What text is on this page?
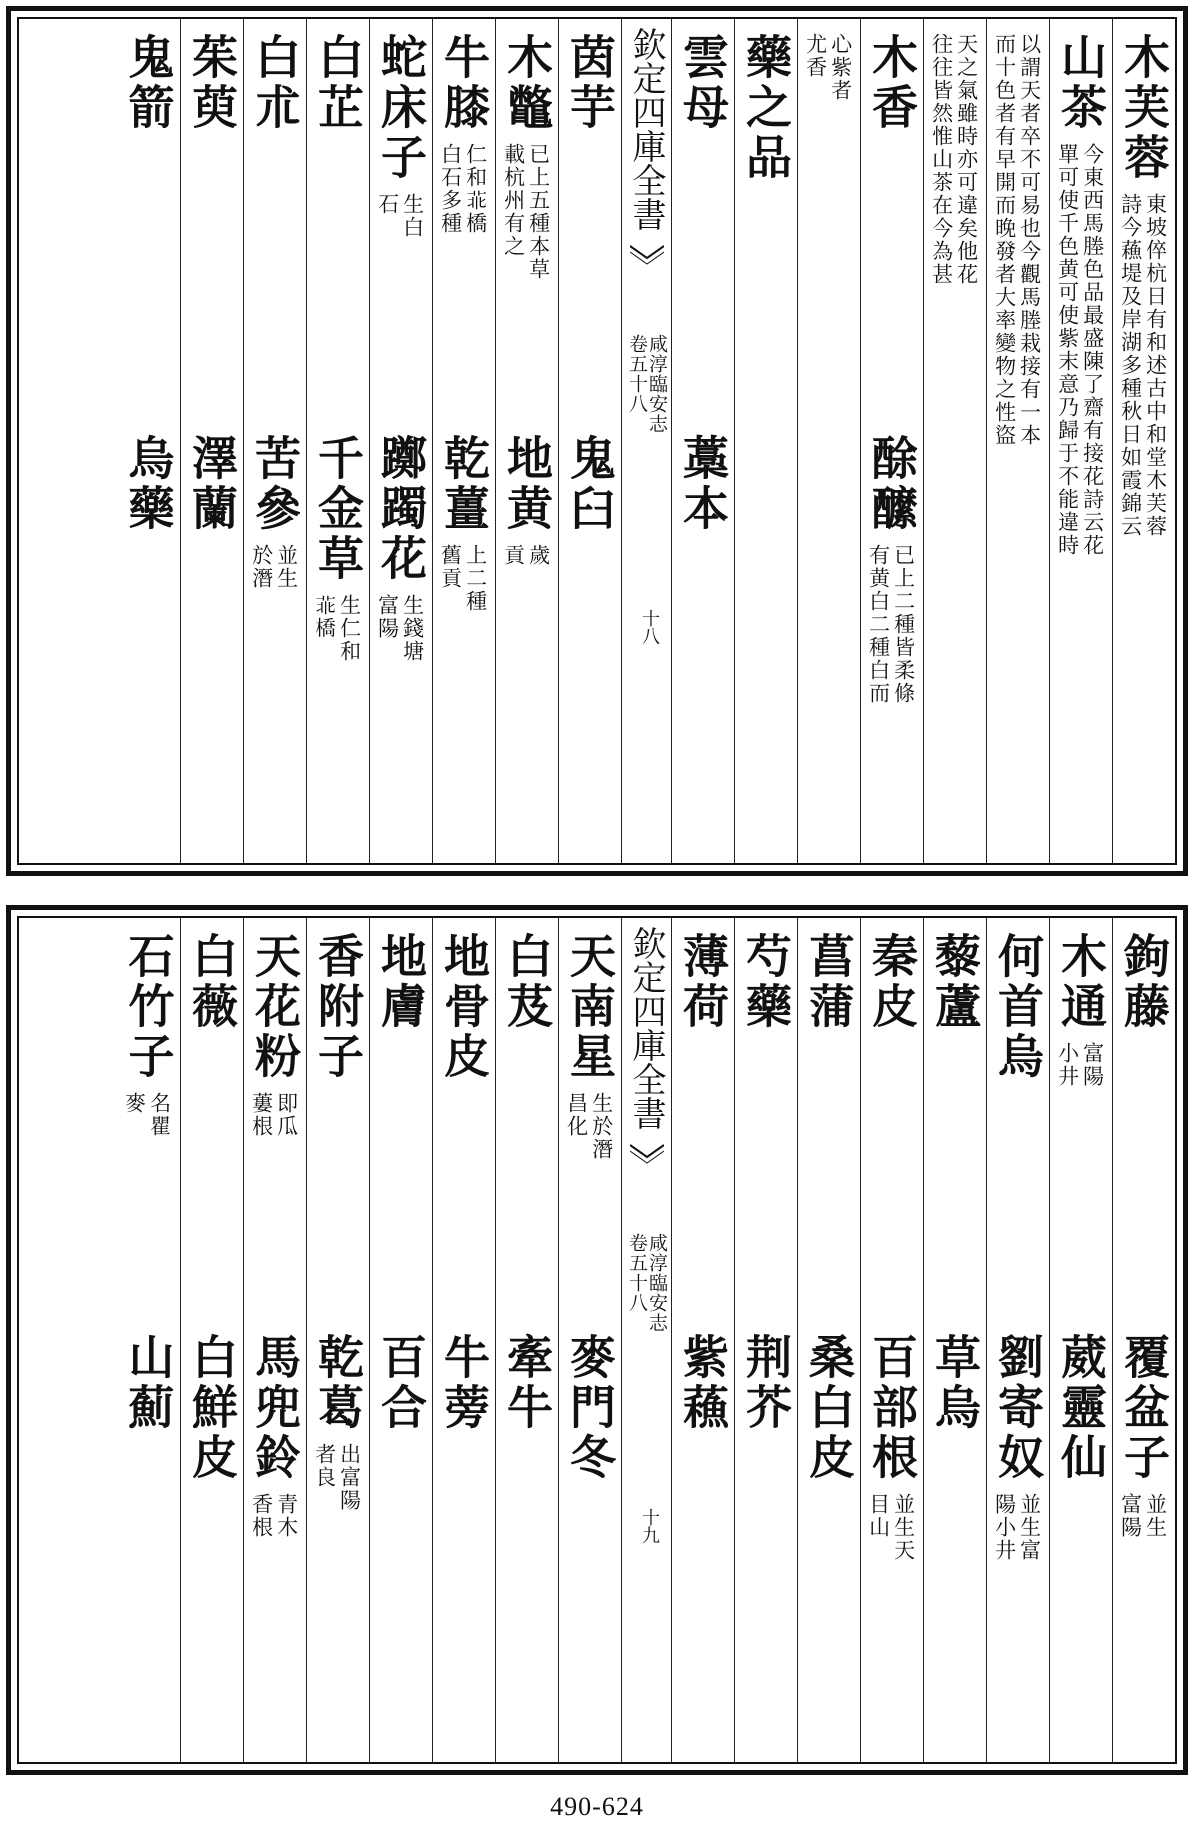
木芙蓉
東坡倅杭日有和述古中和堂木芙蓉
詩今蘓堤及岸湖多種秋日如霞錦云
山茶
今東西馬塍色品最盛陳了齋有接花詩云花
單可使千色黄可使紫末意乃歸于不能違時
以謂天者卒不可易也今觀馬塍栽接有一本
而十色者有早開而晚發者大率變物之性盜
天之氣雖時亦可違矣他花
往往皆然惟山茶在今為甚
木香
酴醿
已上二種皆柔條
有黄白二種白而
心紫者
尤香
藥之品
雲母
藁本
欽定四庫全書
咸淳臨安志
卷五十八
十八
茵芋
鬼臼
木鼈
已上五種本草
載杭州有之
地黄
歲
貢
牛膝
仁和𦮃橋
白石多種
乾薑
上二種
舊貢
蛇床子
生白
石
躑躅花
生錢塘
富陽
白芷
千金草
生仁和
𦮃橋
白朮
苦參
並生
於潛
茱萸
澤蘭
鬼箭
烏藥
鉤藤
覆盆子
並生
富陽
木通
富陽
小井
葳靈仙
何首烏
劉寄奴
並生富
陽小井
藜蘆
草烏
秦皮
百部根
並生天
目山
菖蒲
桑白皮
芍藥
荆芥
薄荷
紫蘓
欽定四庫全書
咸淳臨安志
卷五十八
十九
天南星
生於潛
昌化
麥門冬
白芨
牽牛
地骨皮
牛蒡
地膚
百合
香附子
乾葛
出富陽
者良
天花粉
即瓜
蔞根
馬兜鈴
青木
香根
白薇
白鮮皮
石竹子
名瞿
麥
山薊
490-624
